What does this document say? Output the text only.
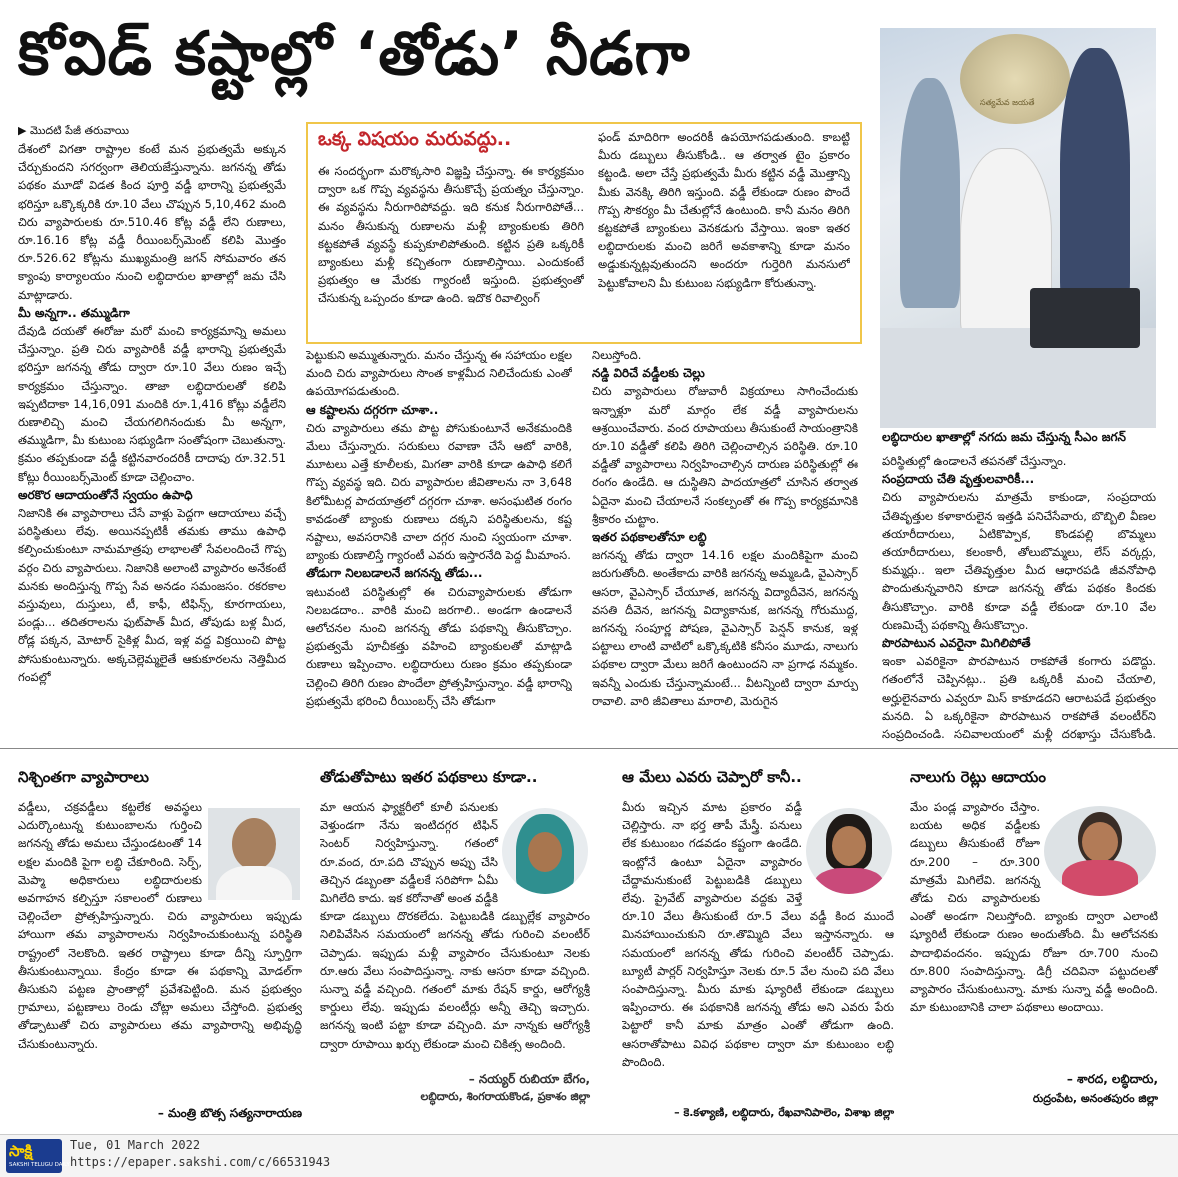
కోవిడ్‌ కష్టాల్లో ‘తోడు’ నీడగా
సత్యమేవ జయతే
లబ్ధిదారుల ఖాతాల్లో నగదు జమ చేస్తున్న సీఎం జగన్‌

▶ మొదటి పేజీ తరువాయి

దేశంలో విగతా రాష్ట్రాల కంటే మన ప్రభుత్వమే అక్కున చేర్చుకుందని సగర్వంగా తెలియజేస్తున్నాను. జగనన్న తోడు పథకం మూడో విడత కింద పూర్తి వడ్డీ భారాన్ని ప్రభుత్వమే భరిస్తూ ఒక్కొక్కరికి రూ.10 వేలు చొప్పున 5,10,462 మంది చిరు వ్యాపారులకు రూ.510.46 కోట్ల వడ్డీ లేని రుణాలు, రూ.16.16 కోట్ల వడ్డీ రీయింబర్స్‌మెంట్‌ కలిపి మొత్తం రూ.526.62 కోట్లను ముఖ్యమంత్రి జగన్‌ సోమవారం తన క్యాంపు కార్యాలయం నుంచి లబ్ధిదారుల ఖాతాల్లో జమ చేసి మాట్లాడారు.

మీ అన్నగా.. తమ్ముడిగా

దేవుడి దయతో ఈరోజు మరో మంచి కార్యక్రమాన్ని అమలు చేస్తున్నాం. ప్రతి చిరు వ్యాపారికీ వడ్డీ భారాన్ని ప్రభుత్వమే భరిస్తూ జగనన్న తోడు ద్వారా రూ.10 వేలు రుణం ఇచ్చే కార్యక్రమం చేస్తున్నాం. తాజా లబ్ధిదారులతో కలిపి ఇప్పటిదాకా 14,16,091 మందికి రూ.1,416 కోట్లు వడ్డీలేని రుణాలిచ్చి మంచి చేయగలిగినందుకు మీ అన్నగా, తమ్ముడిగా, మీ కుటుంబ సభ్యుడిగా సంతోషంగా చెబుతున్నా. క్రమం తప్పకుండా వడ్డీ కట్టినవారందరికీ దాదాపు రూ.32.51 కోట్లు రీయింబర్స్‌మెంట్‌ కూడా చెల్లించాం.

అరకొర ఆదాయంతోనే స్వయం ఉపాధి

నిజానికి ఈ వ్యాపారాలు చేసే వాళ్లు పెద్దగా ఆదాయాలు వచ్చే పరిస్థితులు లేవు. అయినప్పటికీ తమకు తాము ఉపాధి కల్పించుకుంటూ నామమాత్రపు లాభాలతో సేవలందించే గొప్ప వర్గం చిరు వ్యాపారులు. నిజానికి అలాంటి వ్యాపారం అనేకంటే మనకు అందిస్తున్న గొప్ప సేవ అనడం సమంజసం. రకరకాల వస్తువులు, దుస్తులు, టీ, కాఫీ, టిఫిన్స్‌, కూరగాయలు, పండ్లు... తదితరాలను ఫుట్‌పాత్‌ మీద, తోపుడు బళ్ల మీద, రోడ్ల పక్కన, మోటార్‌ సైకిళ్ల మీద, ఇళ్ల వద్ద విక్రయించి పొట్ట పోసుకుంటున్నారు. అక్కచెల్లెమ్మలైతే ఆకుకూరలను నెత్తిమీద గంపల్లో

ఒక్క విషయం మరువద్దు..
ఈ సందర్భంగా మరొక్కసారి విజ్ఞప్తి చేస్తున్నా. ఈ కార్యక్రమం ద్వారా ఒక గొప్ప వ్యవస్థను తీసుకొచ్చే ప్రయత్నం చేస్తున్నాం. ఈ వ్యవస్థను నీరుగారిపోవద్దు. ఇది కనుక నీరుగారిపోతే... మనం తీసుకున్న రుణాలను మళ్లీ బ్యాంకులకు తిరిగి కట్టకపోతే వ్యవస్థే కుప్పకూలిపోతుంది. కట్టిన ప్రతి ఒక్కరికీ బ్యాంకులు మళ్లీ కచ్చితంగా రుణాలిస్తాయి. ఎందుకంటే ప్రభుత్వం ఆ మేరకు గ్యారంటీ ఇస్తుంది. ప్రభుత్వంతో చేసుకున్న ఒప్పందం కూడా ఉంది. ఇదొక రివాల్వింగ్‌
ఫండ్‌ మాదిరిగా అందరికీ ఉపయోగపడుతుంది. కాబట్టి మీరు డబ్బులు తీసుకోండి.. ఆ తర్వాత టైం ప్రకారం కట్టండి. అలా చేస్తే ప్రభుత్వమే మీరు కట్టిన వడ్డీ మొత్తాన్ని మీకు వెనక్కి తిరిగి ఇస్తుంది. వడ్డీ లేకుండా రుణం పొందే గొప్ప సౌకర్యం మీ చేతుల్లోనే ఉంటుంది. కానీ మనం తిరిగి కట్టకపోతే బ్యాంకులు వెనకడుగు వేస్తాయి. ఇంకా ఇతర లబ్ధిదారులకు మంచి జరిగే అవకాశాన్ని కూడా మనం అడ్డుకున్నట్లవుతుందని అందరూ గుర్తెరిగి మనసులో పెట్టుకోవాలని మీ కుటుంబ సభ్యుడిగా కోరుతున్నా.

పెట్టుకుని అమ్ముతున్నారు. మనం చేస్తున్న ఈ సహాయం లక్షల మంది చిరు వ్యాపారులు సొంత కాళ్లమీద నిలిచేందుకు ఎంతో ఉపయోగపడుతుంది.

ఆ కష్టాలను దగ్గరగా చూశా..

చిరు వ్యాపారులు తమ పొట్ట పోసుకుంటూనే అనేకమందికి మేలు చేస్తున్నారు. సరుకులు రవాణా చేసే ఆటో వారికి, మూటలు ఎత్తే కూలీలకు, మిగతా వారికి కూడా ఉపాధి కలిగే గొప్ప వ్యవస్థ ఇది. చిరు వ్యాపారుల జీవితాలను నా 3,648 కిలోమీటర్ల పాదయాత్రలో దగ్గరగా చూశా. అసంఘటిత రంగం కావడంతో బ్యాంకు రుణాలు దక్కని పరిస్థితులను, కష్ట నష్టాలు, అవసరానికి చాలా దగ్గర నుంచి స్వయంగా చూశా. బ్యాంకు రుణాలిస్తే గ్యారంటీ ఎవరు ఇస్తారనేది పెద్ద మీమాంస.

తోడుగా నిలబడాలనే జగనన్న తోడు...

ఇటువంటి పరిస్థితుల్లో ఈ చిరువ్యాపారులకు తోడుగా నిలబడదాం.. వారికి మంచి జరగాలి.. అండగా ఉండాలనే ఆలోచనల నుంచి జగనన్న తోడు పథకాన్ని తీసుకొచ్చాం. ప్రభుత్వమే పూచీకత్తు వహించి బ్యాంకులతో మాట్లాడి రుణాలు ఇప్పించాం. లబ్ధిదారులు రుణం క్రమం తప్పకుండా చెల్లించి తిరిగి రుణం పొందేలా ప్రోత్సహిస్తున్నాం. వడ్డీ భారాన్ని ప్రభుత్వమే భరించి రీయింబర్స్‌ చేసి తోడుగా

నిలుస్తోంది.

నడ్డి విరిచే వడ్డీలకు చెల్లు

చిరు వ్యాపారులు రోజువారీ విక్రయాలు సాగించేందుకు ఇన్నాళ్లూ మరో మార్గం లేక వడ్డీ వ్యాపారులను ఆశ్రయించేవారు. వంద రూపాయలు తీసుకుంటే సాయంత్రానికి రూ.10 వడ్డీతో కలిపి తిరిగి చెల్లించాల్సిన పరిస్థితి. రూ.10 వడ్డీతో వ్యాపారాలు నిర్వహించాల్సిన దారుణ పరిస్థితుల్లో ఈ రంగం ఉండేది. ఆ దుస్థితిని పాదయాత్రలో చూసిన తర్వాత ఏదైనా మంచి చేయాలనే సంకల్పంతో ఈ గొప్ప కార్యక్రమానికి శ్రీకారం చుట్టాం.

ఇతర పథకాలతోనూ లబ్ధి

జగనన్న తోడు ద్వారా 14.16 లక్షల మందికిపైగా మంచి జరుగుతోంది. అంతేకాదు వారికి జగనన్న అమ్మఒడి, వైఎస్సార్‌ ఆసరా, వైఎస్సార్‌ చేయూత, జగనన్న విద్యాదీవెన, జగనన్న వసతి దీవెన, జగనన్న విద్యాకానుక, జగనన్న గోరుముద్ద, జగనన్న సంపూర్ణ పోషణ, వైఎస్సార్‌ పెన్షన్‌ కానుక, ఇళ్ల పట్టాలు లాంటి వాటిలో ఒక్కొక్కటికి కనీసం మూడు, నాలుగు పథకాల ద్వారా మేలు జరిగే ఉంటుందని నా ప్రగాఢ నమ్మకం. ఇవన్నీ ఎందుకు చేస్తున్నామంటే... వీటన్నింటి ద్వారా మార్పు రావాలి. వారి జీవితాలు మారాలి, మెరుగైన

పరిస్థితుల్లో ఉండాలనే తపనతో చేస్తున్నాం.

సంప్రదాయ చేతి వృత్తులవారికీ...

చిరు వ్యాపారులను మాత్రమే కాకుండా, సంప్రదాయ చేతివృత్తుల కళాకారులైన ఇత్తడి పనిచేసేవారు, బొబ్బిలి వీణల తయారీదారులు, ఏటికొప్పాక, కొండపల్లి బొమ్మలు తయారీదారులు, కలంకారీ, తోలుబొమ్మలు, లేస్‌ వర్కర్లు, కుమ్మర్లు.. ఇలా చేతివృత్తుల మీద ఆధారపడి జీవనోపాధి పొందుతున్నవారిని కూడా జగనన్న తోడు పథకం కిందకు తీసుకొచ్చాం. వారికి కూడా వడ్డీ లేకుండా రూ.10 వేల రుణమిచ్చే పథకాన్ని తీసుకొచ్చాం.

పొరపాటున ఎవరైనా మిగిలిపోతే

ఇంకా ఎవరికైనా పొరపాటున రాకపోతే కంగారు పడొద్దు. గతంలోనే చెప్పినట్లు.. ప్రతి ఒక్కరికీ మంచి చేయాలి, అర్హులైనవారు ఎవ్వరూ మిస్‌ కాకూడదని ఆరాటపడే ప్రభుత్వం మనది. ఏ ఒక్కరికైనా పొరపాటున రాకపోతే వలంటీర్‌ని సంప్రదించండి. సచివాలయంలో మళ్లీ దరఖాస్తు చేసుకోండి.

నిశ్చింతగా వ్యాపారాలు
వడ్డీలు, చక్రవడ్డీలు కట్టలేక అవస్థలు ఎదుర్కొంటున్న కుటుంబాలను గుర్తించి జగనన్న తోడు అమలు చేస్తుండటంతో 14 లక్షల మందికి పైగా లబ్ధి చేకూరింది. సెర్ప్‌, మెప్మా అధికారులు లబ్ధిదారులకు అవగాహన కల్పిస్తూ సకాలంలో రుణాలు చెల్లించేలా ప్రోత్సహిస్తున్నారు. చిరు వ్యాపారులు ఇప్పుడు హాయిగా తమ వ్యాపారాలను నిర్వహించుకుంటున్న పరిస్థితి రాష్ట్రంలో నెలకొంది. ఇతర రాష్ట్రాలు కూడా దీన్ని స్ఫూర్తిగా తీసుకుంటున్నాయి. కేంద్రం కూడా ఈ పథకాన్ని మోడల్‌గా తీసుకుని పట్టణ ప్రాంతాల్లో ప్రవేశపెట్టింది. మన ప్రభుత్వం గ్రామాలు, పట్టణాలు రెండు చోట్లా అమలు చేస్తోంది. ప్రభుత్వ తోడ్పాటుతో చిరు వ్యాపారులు తమ వ్యాపారాన్ని అభివృద్ధి చేసుకుంటున్నారు.
– మంత్రి బొత్స సత్యనారాయణ
తోడుతోపాటు ఇతర పథకాలు కూడా..
మా ఆయన ఫ్యాక్టరీలో కూలీ పనులకు వెళ్తుండగా నేను ఇంటిదగ్గర టిఫిన్‌ సెంటర్‌ నిర్వహిస్తున్నా. గతంలో రూ.వంద, రూ.పది చొప్పున అప్పు చేసి తెచ్చిన డబ్బంతా వడ్డీలకే సరిపోగా ఏమీ మిగిలేది కాదు. ఇక కరోనాతో అంత వడ్డీకి కూడా డబ్బులు దొరకలేదు. పెట్టుబడికి డబ్బుల్లేక వ్యాపారం నిలిపివేసిన సమయంలో జగనన్న తోడు గురించి వలంటీర్‌ చెప్పాడు. ఇప్పుడు మళ్లీ వ్యాపారం చేసుకుంటూ నెలకు రూ.ఆరు వేలు సంపాదిస్తున్నా. నాకు ఆసరా కూడా వచ్చింది. సున్నా వడ్డీ వచ్చింది. గతంలో మాకు రేషన్‌ కార్డు, ఆరోగ్యశ్రీ కార్డులు లేవు. ఇప్పుడు వలంటీర్లు అన్నీ తెచ్చి ఇచ్చారు. జగనన్న ఇంటి పట్టా కూడా వచ్చింది. మా నాన్నకు ఆరోగ్యశ్రీ ద్వారా రూపాయి ఖర్చు లేకుండా మంచి చికిత్స అందింది.
– నయ్యర్‌ రుబియా బేగం,
లబ్ధిదారు, శింగరాయకొండ, ప్రకాశం జిల్లా
ఆ మేలు ఎవరు చెప్పారో కానీ..
మీరు ఇచ్చిన మాట ప్రకారం వడ్డీ చెల్లిస్తారు. నా భర్త తాపీ మేస్త్రీ. పనులు లేక కుటుంబం గడవడం కష్టంగా ఉండేది. ఇంట్లోనే ఉంటూ ఏదైనా వ్యాపారం చేద్దామనుకుంటే పెట్టుబడికి డబ్బులు లేవు. ప్రైవేట్‌ వ్యాపారుల వద్దకు వెళ్తే రూ.10 వేలు తీసుకుంటే రూ.5 వేలు వడ్డీ కింద ముందే మినహాయించుకుని రూ.తొమ్మిది వేలు ఇస్తానన్నారు. ఆ సమయంలో జగనన్న తోడు గురించి వలంటీర్‌ చెప్పాడు. బ్యూటీ పార్లర్‌ నిర్వహిస్తూ నెలకు రూ.5 వేల నుంచి పది వేలు సంపాదిస్తున్నా. మీరు మాకు ష్యూరిటీ లేకుండా డబ్బులు ఇప్పించారు. ఈ పథకానికి జగనన్న తోడు అని ఎవరు పేరు పెట్టారో కానీ మాకు మాత్రం ఎంతో తోడుగా ఉంది. ఆసరాతోపాటు వివిధ పథకాల ద్వారా మా కుటుంబం లబ్ధి పొందింది.
– కె.కళ్యాణి, లబ్ధిదారు, రేఖవానిపాలెం, విశాఖ జిల్లా
నాలుగు రెట్లు ఆదాయం
మేం పండ్ల వ్యాపారం చేస్తాం. బయట అధిక వడ్డీలకు డబ్బులు తీసుకుంటే రోజూ రూ.200 – రూ.300 మాత్రమే మిగిలేవి. జగనన్న తోడు చిరు వ్యాపారులకు ఎంతో అండగా నిలుస్తోంది. బ్యాంకు ద్వారా ఎలాంటి ష్యూరిటీ లేకుండా రుణం అందుతోంది. మీ ఆలోచనకు పాదాభివందనం. ఇప్పుడు రోజూ రూ.700 నుంచి రూ.800 సంపాదిస్తున్నా. డిగ్రీ చదివినా పట్టుదలతో వ్యాపారం చేసుకుంటున్నా. మాకు సున్నా వడ్డీ అందింది. మా కుటుంబానికి చాలా పథకాలు అందాయి.
– శారద, లబ్ధిదారు,
రుద్రంపేట, అనంతపురం జిల్లా
సాక్షి
SAKSHI TELUGU DAILY
Tue, 01 March 2022
https://epaper.sakshi.com/c/66531943
